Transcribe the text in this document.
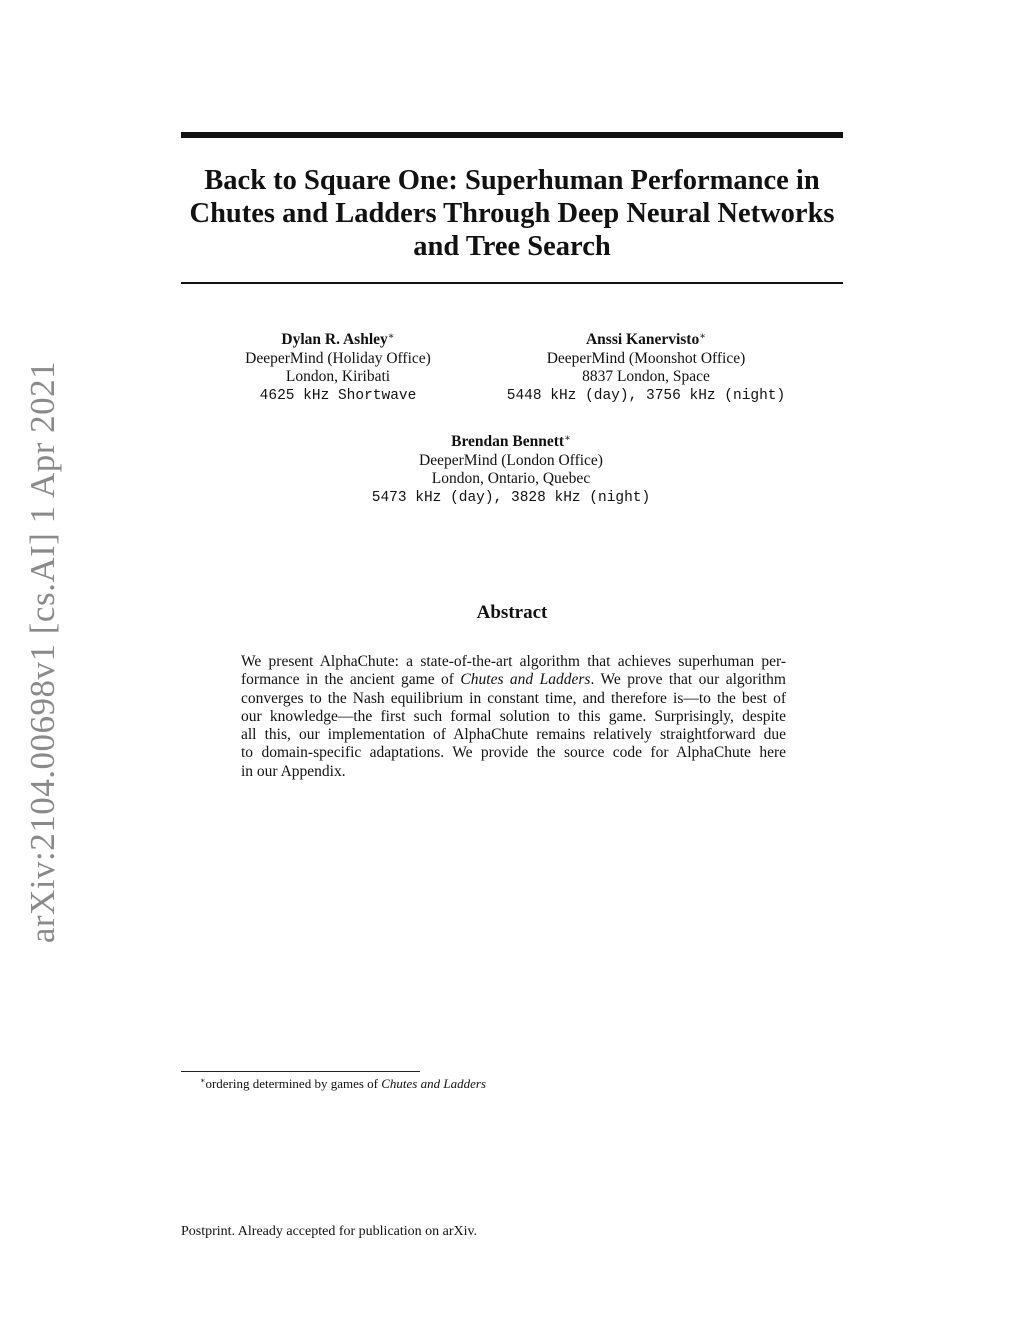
arXiv:2104.00698v1 [cs.AI] 1 Apr 2021
Back to Square One: Superhuman Performance in
Chutes and Ladders Through Deep Neural Networks
and Tree Search
Dylan R. Ashley∗
DeeperMind (Holiday Office)
London, Kiribati
4625 kHz Shortwave
Anssi Kanervisto∗
DeeperMind (Moonshot Office)
8837 London, Space
5448 kHz (day), 3756 kHz (night)
Brendan Bennett∗
DeeperMind (London Office)
London, Ontario, Quebec
5473 kHz (day), 3828 kHz (night)
Abstract
We present AlphaChute: a state-of-the-art algorithm that achieves superhuman per-
formance in the ancient game of Chutes and Ladders. We prove that our algorithm
converges to the Nash equilibrium in constant time, and therefore is—to the best of
our knowledge—the first such formal solution to this game. Surprisingly, despite
all this, our implementation of AlphaChute remains relatively straightforward due
to domain-specific adaptations. We provide the source code for AlphaChute here
in our Appendix.
∗ordering determined by games of Chutes and Ladders
Postprint. Already accepted for publication on arXiv.
